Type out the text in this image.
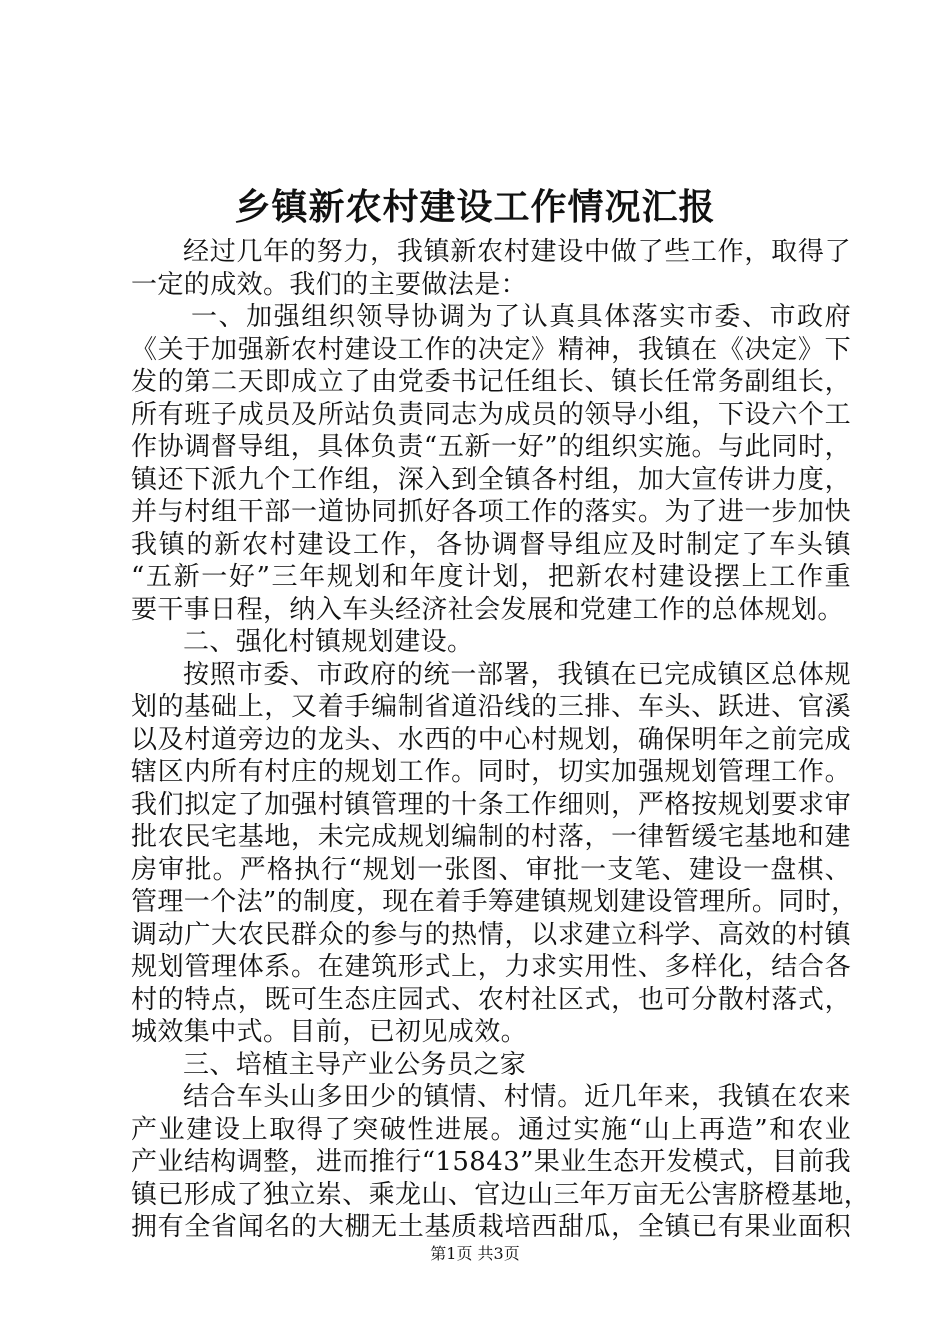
乡镇新农村建设工作情况汇报
经过几年的努力，我镇新农村建设中做了些工作，取得了
一定的成效。我们的主要做法是：
一、加强组织领导协调为了认真具体落实市委、市政府
《关于加强新农村建设工作的决定》精神，我镇在《决定》下
发的第二天即成立了由党委书记任组长、镇长任常务副组长，
所有班子成员及所站负责同志为成员的领导小组，下设六个工
作协调督导组，具体负责“五新一好”的组织实施。与此同时，
镇还下派九个工作组，深入到全镇各村组，加大宣传讲力度，
并与村组干部一道协同抓好各项工作的落实。为了进一步加快
我镇的新农村建设工作，各协调督导组应及时制定了车头镇
“五新一好”三年规划和年度计划，把新农村建设摆上工作重
要干事日程，纳入车头经济社会发展和党建工作的总体规划。
二、强化村镇规划建设。
按照市委、市政府的统一部署，我镇在已完成镇区总体规
划的基础上，又着手编制省道沿线的三排、车头、跃进、官溪
以及村道旁边的龙头、水西的中心村规划，确保明年之前完成
辖区内所有村庄的规划工作。同时，切实加强规划管理工作。
我们拟定了加强村镇管理的十条工作细则，严格按规划要求审
批农民宅基地，未完成规划编制的村落，一律暂缓宅基地和建
房审批。严格执行“规划一张图、审批一支笔、建设一盘棋、
管理一个法”的制度，现在着手筹建镇规划建设管理所。同时，
调动广大农民群众的参与的热情，以求建立科学、高效的村镇
规划管理体系。在建筑形式上，力求实用性、多样化，结合各
村的特点，既可生态庄园式、农村社区式，也可分散村落式，
城效集中式。目前，已初见成效。
三、培植主导产业公务员之家
结合车头山多田少的镇情、村情。近几年来，我镇在农来
产业建设上取得了突破性进展。通过实施“山上再造”和农业
产业结构调整，进而推行“15843”果业生态开发模式，目前我
镇已形成了独立岽、乘龙山、官边山三年万亩无公害脐橙基地，
拥有全省闻名的大棚无土基质栽培西甜瓜，全镇已有果业面积
第1页 共3页
